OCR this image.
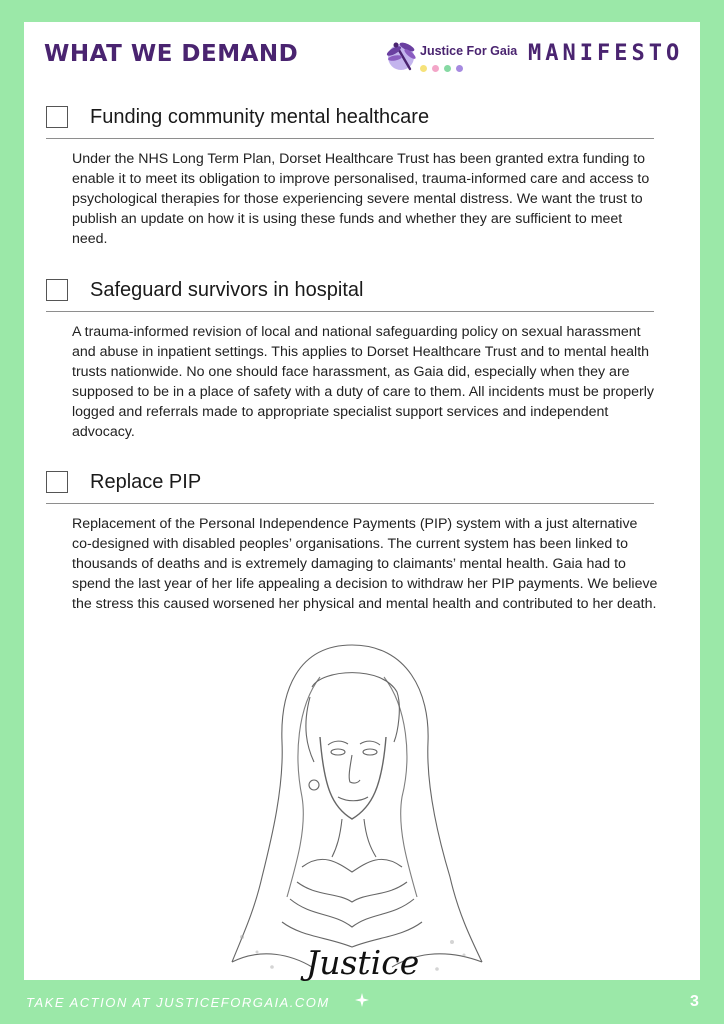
WHAT WE DEMAND	Justice For Gaia MANIFESTO
Funding community mental healthcare
Under the NHS Long Term Plan, Dorset Healthcare Trust has been granted extra funding to enable it to meet its obligation to improve personalised, trauma-informed care and access to psychological therapies for those experiencing severe mental distress. We want the trust to publish an update on how it is using these funds and whether they are sufficient to meet need.
Safeguard survivors in hospital
A trauma-informed revision of local and national safeguarding policy on sexual harassment and abuse in inpatient settings. This applies to Dorset Healthcare Trust and to mental health trusts nationwide. No one should face harassment, as Gaia did, especially when they are supposed to be in a place of safety with a duty of care to them. All incidents must be properly logged and referrals made to appropriate specialist support services and independent advocacy.
Replace PIP
Replacement of the Personal Independence Payments (PIP) system with a just alternative co-designed with disabled peoples’ organisations. The current system has been linked to thousands of deaths and is extremely damaging to claimants’ mental health. Gaia had to spend the last year of her life appealing a decision to withdraw her PIP payments. We believe the stress this caused worsened her physical and mental health and contributed to her death.
Justice
TAKE ACTION AT JUSTICEFORGAIA.COM	3
